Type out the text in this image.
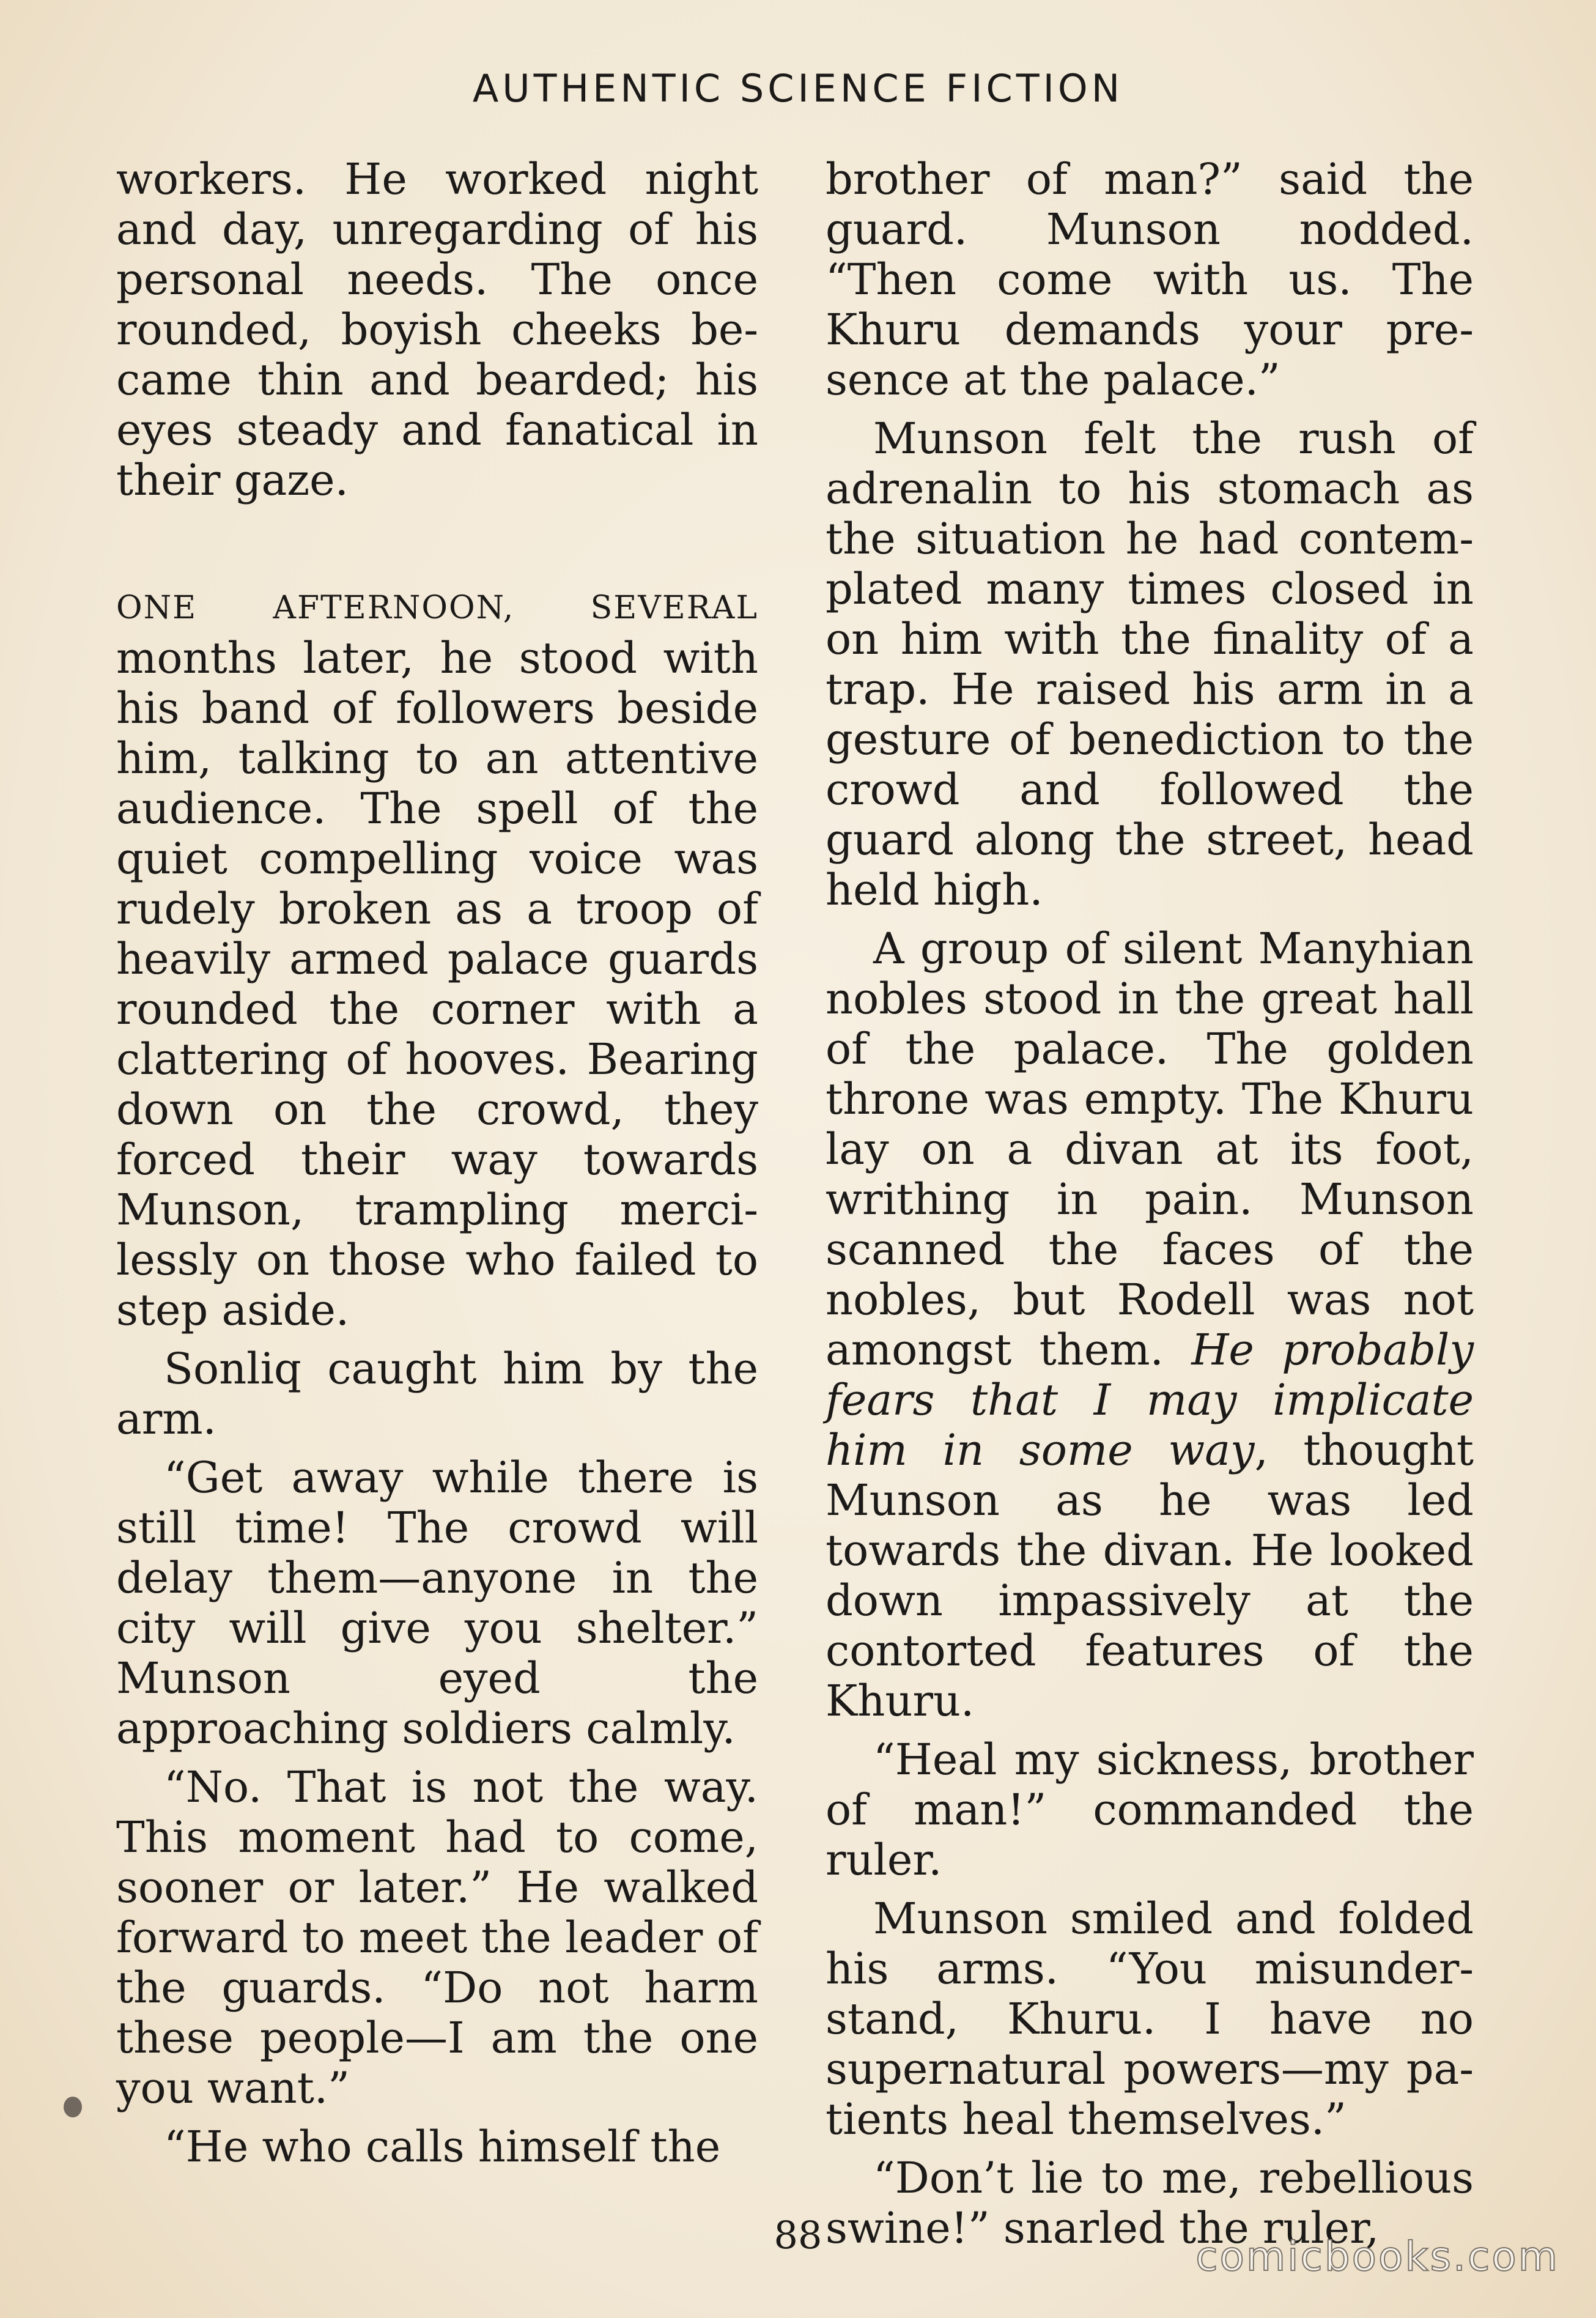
AUTHENTIC SCIENCE FICTION

workers. He worked night and day, unregarding of his personal needs. The once rounded, boyish cheeks became thin and bearded; his eyes steady and fanatical in their gaze.

ONE AFTERNOON, SEVERAL months later, he stood with his band of followers beside him, talking to an attentive audience. The spell of the quiet compelling voice was rudely broken as a troop of heavily armed palace guards rounded the corner with a clattering of hooves. Bearing down on the crowd, they forced their way towards Munson, trampling mercilessly on those who failed to step aside.

Sonliq caught him by the arm.

“Get away while there is still time! The crowd will delay them—anyone in the city will give you shelter.” Munson eyed the approaching soldiers calmly.

“No. That is not the way. This moment had to come, sooner or later.” He walked forward to meet the leader of the guards. “Do not harm these people—I am the one you want.”

“He who calls himself the

brother of man?” said the guard. Munson nodded. “Then come with us. The Khuru demands your presence at the palace.”

Munson felt the rush of adrenalin to his stomach as the situation he had contemplated many times closed in on him with the finality of a trap. He raised his arm in a gesture of benediction to the crowd and followed the guard along the street, head held high.

A group of silent Manyhian nobles stood in the great hall of the palace. The golden throne was empty. The Khuru lay on a divan at its foot, writhing in pain. Munson scanned the faces of the nobles, but Rodell was not amongst them. He probably fears that I may implicate him in some way, thought Munson as he was led towards the divan. He looked down impassively at the contorted features of the Khuru.

“Heal my sickness, brother of man!” commanded the ruler.

Munson smiled and folded his arms. “You misunderstand, Khuru. I have no supernatural powers—my patients heal themselves.”

“Don’t lie to me, rebellious swine!” snarled the ruler,

88	comicbooks.com
